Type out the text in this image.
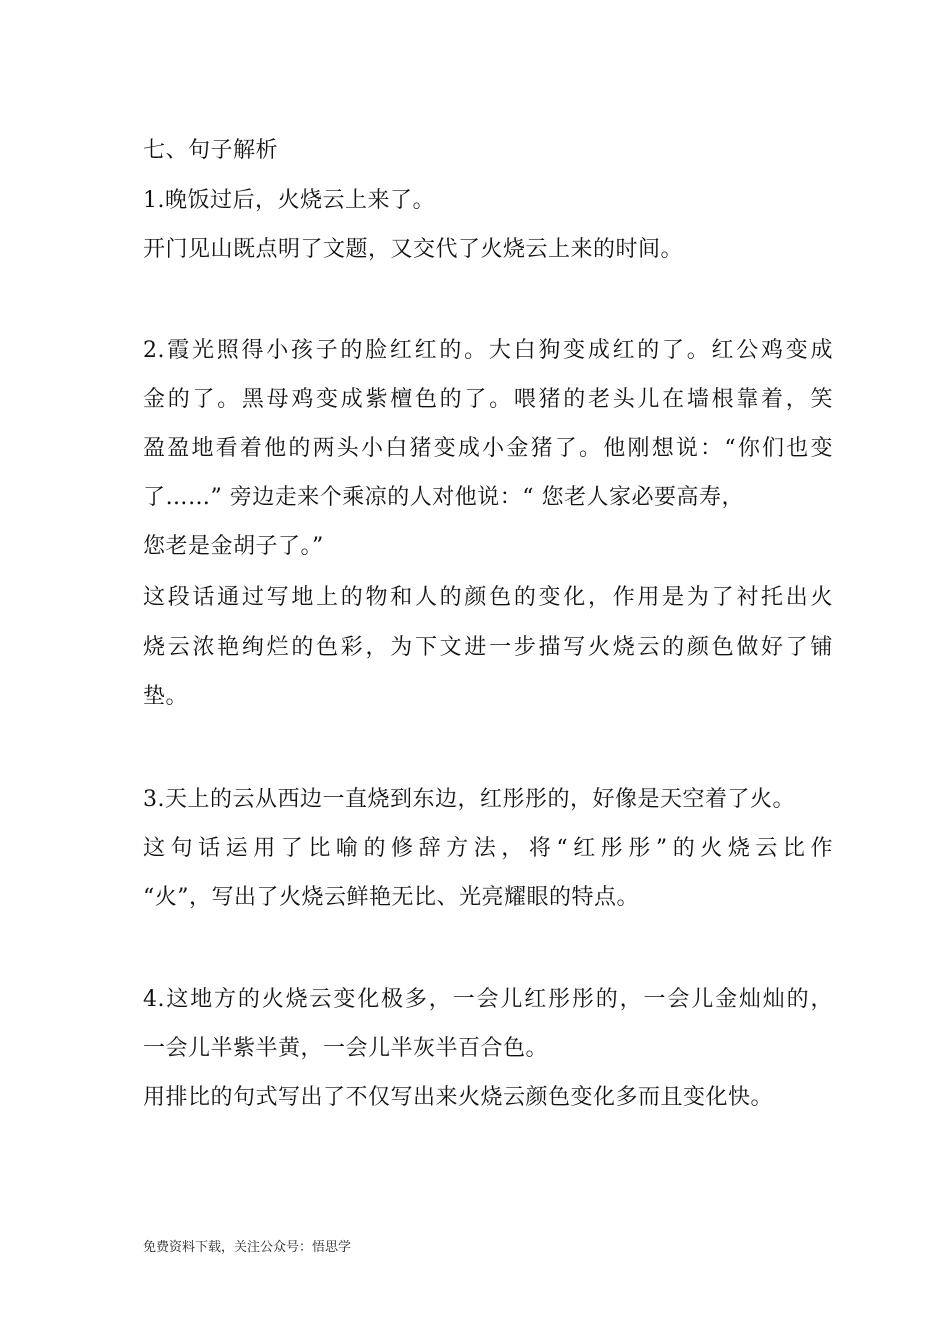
七、句子解析
1.晚饭过后，火烧云上来了。
开门见山既点明了文题，又交代了火烧云上来的时间。
2.霞光照得小孩子的脸红红的。大白狗变成红的了。红公鸡变成
金的了。黑母鸡变成紫檀色的了。喂猪的老头儿在墙根靠着，笑
盈盈地看着他的两头小白猪变成小金猪了。他刚想说：“你们也变
了……” 旁边走来个乘凉的人对他说：“ 您老人家必要高寿，
您老是金胡子了。”
这段话通过写地上的物和人的颜色的变化，作用是为了衬托出火
烧云浓艳绚烂的色彩，为下文进一步描写火烧云的颜色做好了铺
垫。
3.天上的云从西边一直烧到东边，红彤彤的，好像是天空着了火。
这句话运用了比喻的修辞方法，将“红彤彤”的火烧云比作
“火”，写出了火烧云鲜艳无比、光亮耀眼的特点。
4.这地方的火烧云变化极多，一会儿红彤彤的，一会儿金灿灿的，
一会儿半紫半黄，一会儿半灰半百合色。
用排比的句式写出了不仅写出来火烧云颜色变化多而且变化快。
免费资料下载，关注公众号：悟思学
